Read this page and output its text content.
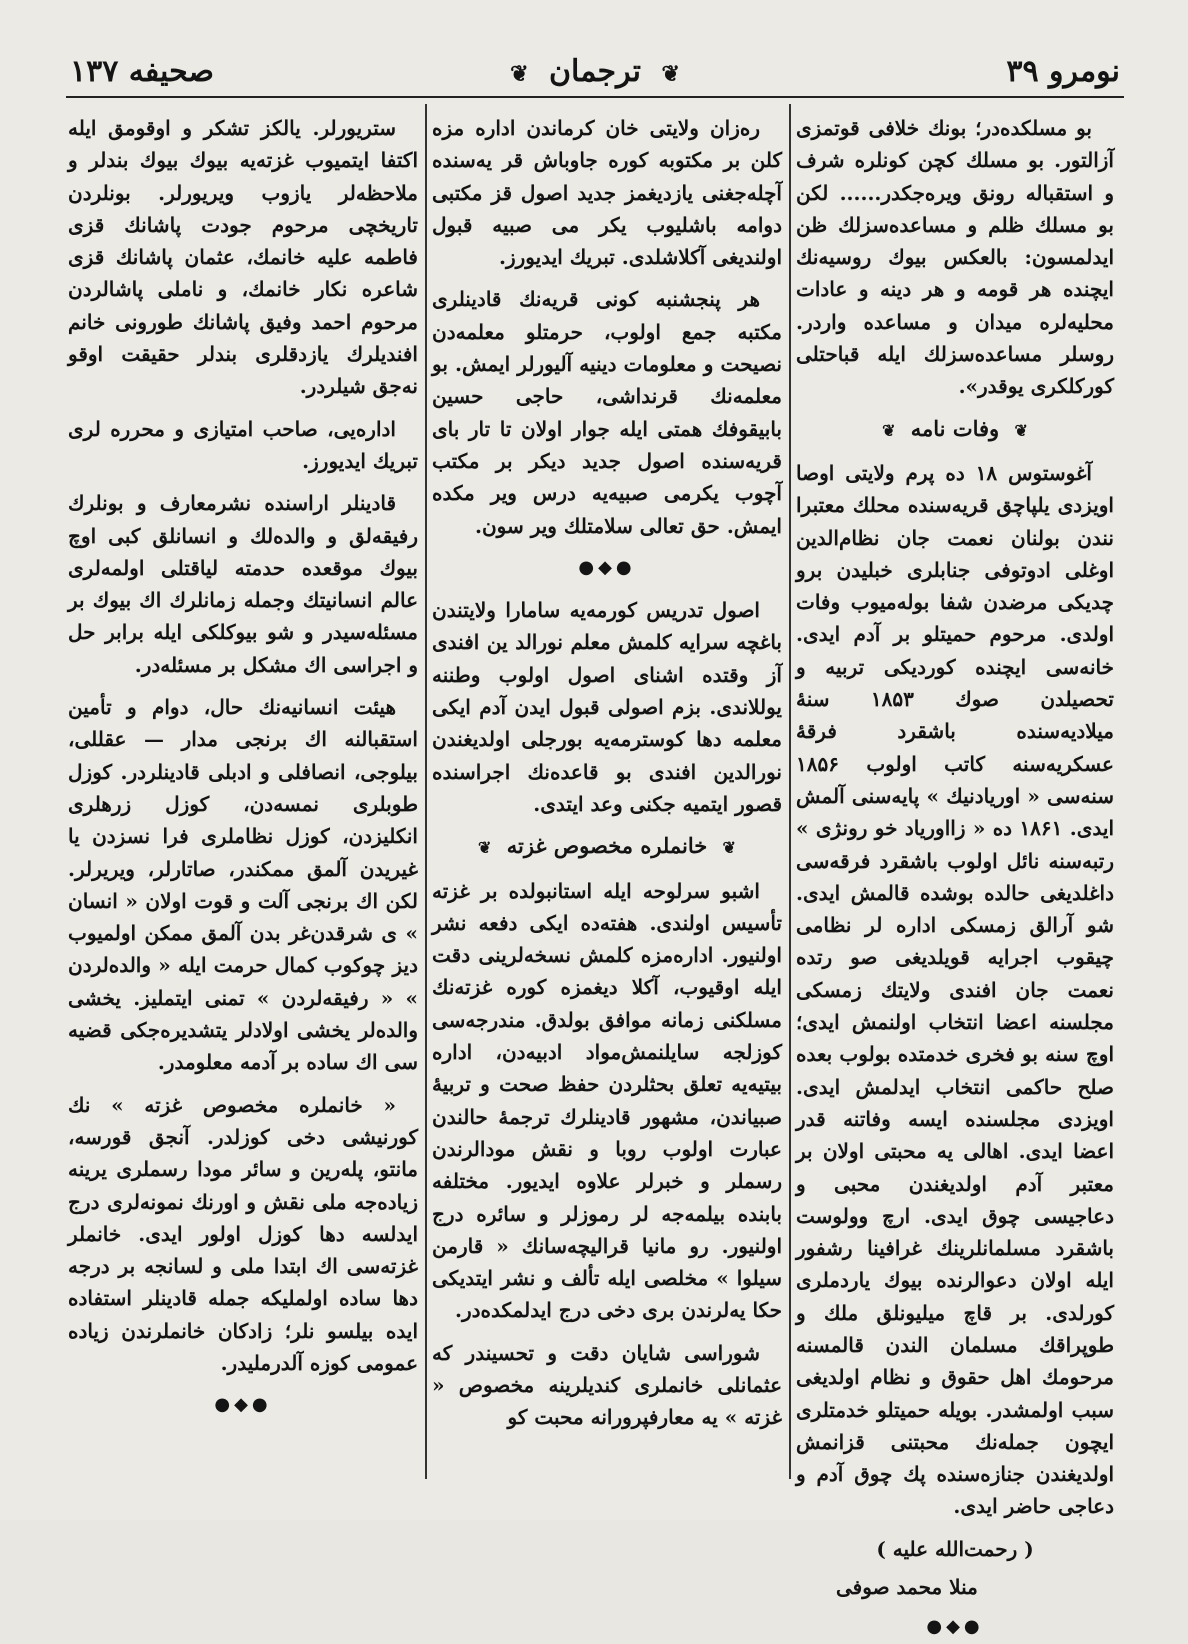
نومرو ۳۹
❦ ترجمان ❦
صحيفه ۱۳۷

بو مسلكده‌در؛ بونك خلافى قوتمزى آزا‌لتور. بو مسلك كچن كونلره شرف و استقباله رونق ويره‌جكدر...... لكن بو مسلك ظلم و مساعده‌سزلك ظن ايدلمسون: بالعكس بيوك روسيه‌نك ايچنده هر قومه و هر دينه و عادات محليه‌لره ميدان و مساعده واردر. روسلر مساعده‌سزلك ايله قباحتلى كوركلكرى يوقدر».

❦ وفات نامه ❦

آغوستوس ۱۸ ده پرم ولايتى اوصا اويزدى يلپاچق قريه‌سنده محلك معتبرا نندن بولنان نعمت جان نظام‌الدين اوغلى ادوتوفى جنابلرى خبليدن برو چديكى مرضدن شفا بوله‌ميوب وفات اولدى. مرحوم حميتلو بر آدم ايدى. خانه‌سى ايچنده كورديكى تربيه و تحصيلدن صوك ۱۸۵۳ سنهٔ ميلاديه‌سنده باشقرد فرقهٔ عسكريه‌سنه كاتب اولوب ۱۸۵۶ سنه‌سى « اوريادنيك » پايه‌سنى آلمش ايدى. ۱۸۶۱ ده « زااورياد خو رونژى » رتبه‌سنه نائل اولوب باشقرد فرقه‌سى داغلديغى حالده بوشده قا‌لمش ايدى. شو آرالق زمسكى اداره لر نظامى چيقوب اجرايه قويلديغى صو رتده نعمت جان افندى ولايتك زمسكى مجلسنه اعضا انتخاب اولنمش ايدى؛ اوچ سنه بو فخرى خدمتده بولوب بعده صلح حاكمى انتخاب ايدلمش ايدى. اويزدى مجلسنده ايسه وفاتنه قدر اعضا ايدى. اهالى يه محبتى اولان بر معتبر آدم اولديغندن محبى و دعا‌جيسى چوق ايدى. ارچ وولوست باشقرد مسلمانلرينك غرافينا رشفور ايله اولان دعوالرنده بيوك ياردملرى كورلدى. بر قاچ ميليونلق ملك و طوپراقك مسلمان الندن قالمسنه مرحومك اهل حقوق و نظام اولديغى سبب اولمشدر. بويله حميتلو خد‌متلرى ايچون جمله‌نك محبتنى قزا‌نمش اولديغندن جنازه‌سنده پك چوق آدم و دعاجى حاضر ايدى.

( رحمت‌الله عليه )
منلا محمد صوفى
●◆●

ره‌زان ولايتى خان كرماندن اداره مزه كلن بر مكتوبه كوره جاوباش قر يه‌سنده آچله‌جغنى يازديغمز جديد اصول قز مكتبى دوامه باشليوب يكر مى صبيه قبول اولنديغى آكلاشلدى. تبريك ايديورز.

هر پنجشنبه كونى قريه‌نك قادينلرى مكتبه جمع اولوب، حرمتلو معلمه‌دن نصيحت و معلومات دينيه آليورلر ايمش. بو معلمه‌نك قرنداشى، حاجى حسين بابيقوفك همتى ايله جوار اولان تا تار باى قريه‌سنده اصول جديد ديكر بر مكتب آچوب يكرمى صبيه‌يه درس وير مكده ايمش. حق تعالى سلامتلك وير سون.

●◆●

اصول تدريس كورمه‌يه سامارا ولا‌يتندن باغچه سرايه كلمش معلم نورالد ين افندى آز وقتده اشناى اصول او‌لوب وطننه يوللاندى. بزم اصولى قبول ايدن آدم ايكى معلمه دها كوسترمه‌يه بورجلى اولديغندن نورالدين افندى بو قاعده‌نك اجراسنده قصور ايتميه جكنى وعد ايتدى.

❦ خانملره مخصوص غزته ❦

اشبو سرلوحه ايله استانبولده بر غز‌ته تأسيس اولندى. هفته‌ده ايكى دفعه نشر اولنيور. اداره‌مزه كلمش نسخه‌لر‌ينى دقت ايله اوقيوب، آكلا ديغمزه كوره غزته‌نك مسلكنى زمانه موافق بولدق. مندرجه‌سى كو‌زلجه سايلنمش‌مواد ادبيه‌دن، اداره بيتيه‌يه تعلق بحثلردن حفظ صحت و تربيهٔ صبياندن، مشهور قادينلرك ترجمهٔ حالندن عبارت اولوب روبا و نقش مودالرندن رسملر و خبرلر علا‌وه ايديور. مختلفه بابنده بيلمه‌جه لر رموزلر و سائره درج اولنيور. رو مانيا قراليچه‌سانك « قارمن سيلوا » مخلصى ايله تألف و نشر ايتديكى حكا يه‌لرندن برى دخى درج ايدلمكده‌در.

شوراسى شايان دقت و تحسيندر كه عثمانلى خانملرى كنديلرينه مخصوص « غزته » يه معارفپرورانه محبت كو‌

ستريورلر. يالكز تشكر و اوقومق ايله اكتفا ايتميوب غزته‌يه بيوك بيوك بندلر و ملاحظه‌لر يازوب وير‌يورلر. بونلردن تاريخچى مرحوم جودت پاشانك قزى فاطمه عليه خا‌نمك، عثمان پاشانك قزى شاعره نكار خانمك، و ناملى پاشالردن مرحوم احمد وفيق پاشانك طورونى خانم افنديلرك يازدقلرى بندلر حقيقت اوقو نه‌جق شيلردر.

اداره‌يى، صاحب امتيازى و محرره لرى تبريك ايديورز.

قادينلر اراسنده نشرمعارف و بونلرك رفيقه‌لق و والده‌لك و انسانلق كبى اوچ بيوك موقعده حدمته لياقتلى او‌لمه‌لرى عالم انسانيتك وجمله زمانلرك اك بيوك بر مسئله‌سيدر و شو بيوكلكى ايله برابر حل و اجراسى اك مشكل بر مسئله‌در.

هيئت انسانيه‌نك حال، دوام و تأمين استقبالنه اك برنجى مدار — عقللى، بيلوجى، انصافلى و ادبلى قادينلردر. كوزل طوبلرى نمسه‌دن، كوزل زر‌هلرى انكليزدن، كوزل نظاملرى فرا نسزدن يا غيريدن آلمق ممكندر، صا‌تارلر، ويريرلر. لكن اك برنجى آلت و قوت اولان « انسان » ى شرقدن‌غر بدن آلمق ممكن اولميوب ديز چو‌كوب كمال حرمت ايله « والده‌لردن » « رفيقه‌لردن » تمنى ايتمليز. يخشى وا‌لده‌لر يخشى اولادلر يتشديره‌جكى قضيه سى اك ساده بر آدمه معلومدر.

« خانملره مخصوص غزته » نك كورنيشى دخى كوزلدر. آنجق قورسه، مانتو، پله‌رين و سائر مودا رسملرى يرينه زياده‌جه ملى نقش و اورنك نمونه‌لرى درج ايدلسه دها كوزل او‌لور ايدى. خانملر غزته‌سى اك ابتدا ملى و لسانجه بر درجه دها ساده او‌لمليكه جمله قادينلر استفاده ايده بيلسو نلر؛ زادكان خانملرندن زياده عمو‌مى كوزه آلدرمليدر.

●◆●
